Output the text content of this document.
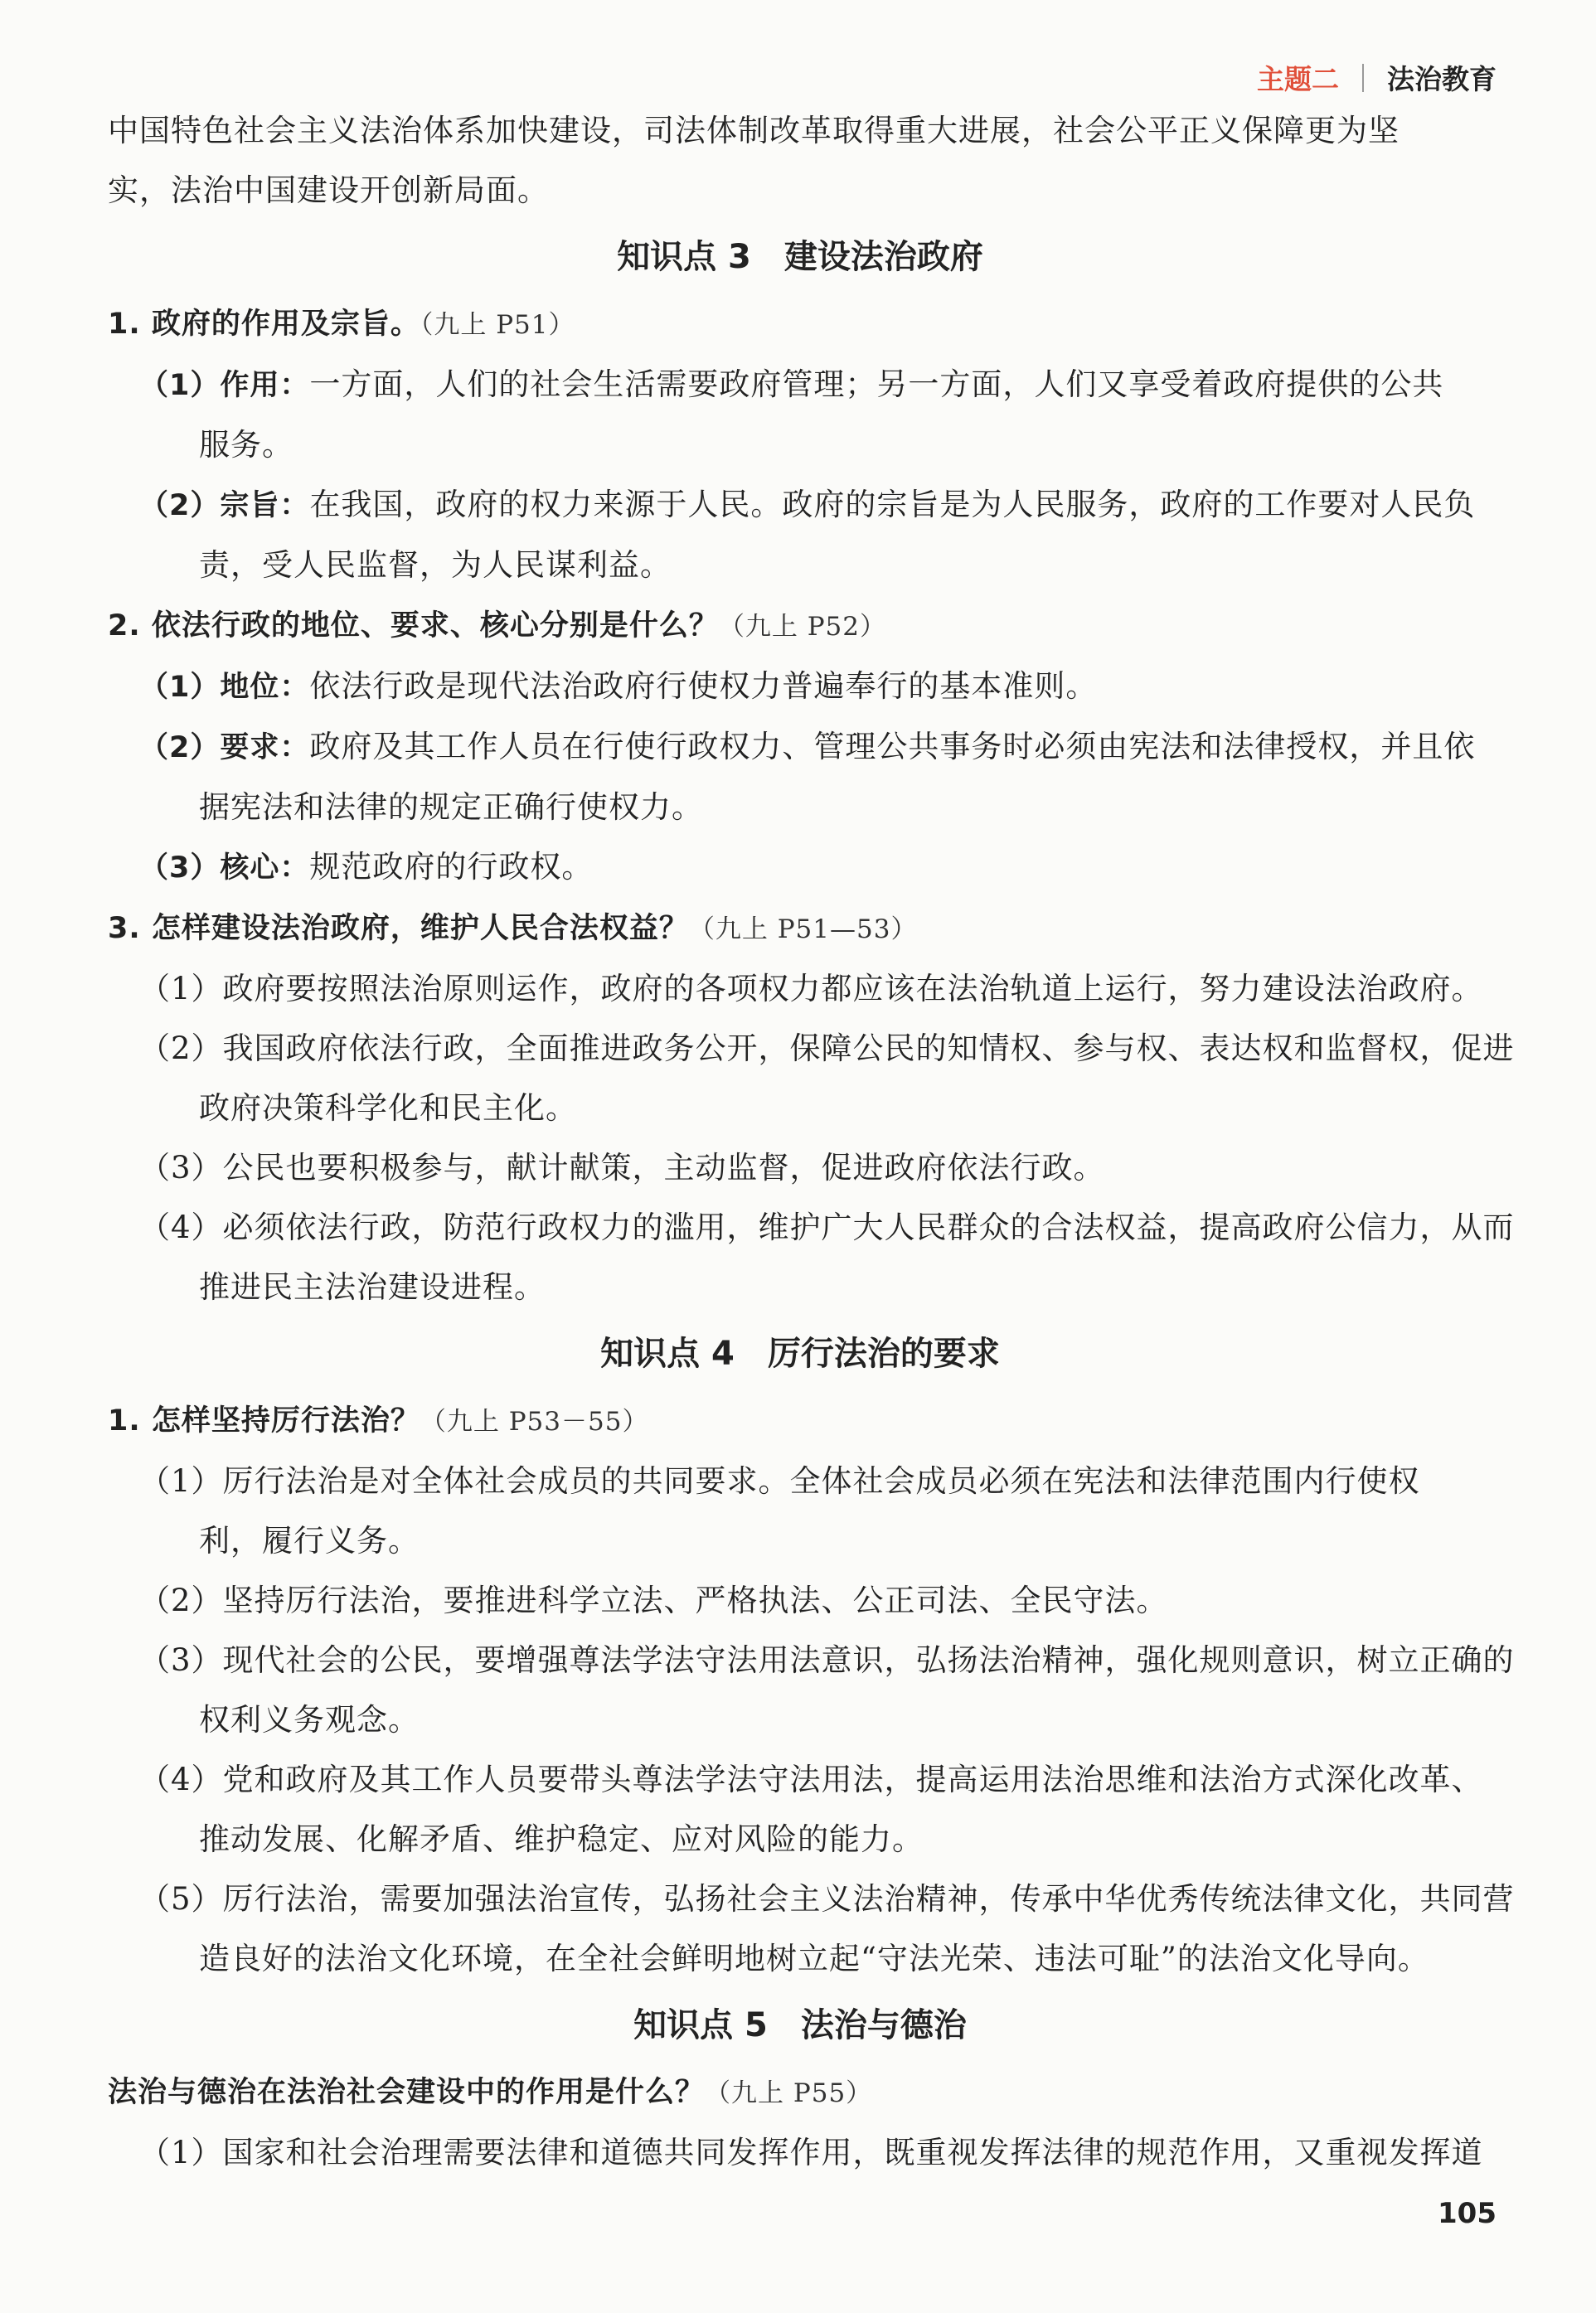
主题二 法治教育
中国特色社会主义法治体系加快建设，司法体制改革取得重大进展，社会公平正义保障更为坚
实，法治中国建设开创新局面。
知识点 3 建设法治政府
1. 政府的作用及宗旨。（九上 P51）
（1）作用：一方面，人们的社会生活需要政府管理；另一方面，人们又享受着政府提供的公共
服务。
（2）宗旨：在我国，政府的权力来源于人民。政府的宗旨是为人民服务，政府的工作要对人民负
责，受人民监督，为人民谋利益。
2. 依法行政的地位、要求、核心分别是什么？（九上 P52）
（1）地位：依法行政是现代法治政府行使权力普遍奉行的基本准则。
（2）要求：政府及其工作人员在行使行政权力、管理公共事务时必须由宪法和法律授权，并且依
据宪法和法律的规定正确行使权力。
（3）核心：规范政府的行政权。
3. 怎样建设法治政府，维护人民合法权益？（九上 P51—53）
（1）政府要按照法治原则运作，政府的各项权力都应该在法治轨道上运行，努力建设法治政府。
（2）我国政府依法行政，全面推进政务公开，保障公民的知情权、参与权、表达权和监督权，促进
政府决策科学化和民主化。
（3）公民也要积极参与，献计献策，主动监督，促进政府依法行政。
（4）必须依法行政，防范行政权力的滥用，维护广大人民群众的合法权益，提高政府公信力，从而
推进民主法治建设进程。
知识点 4 厉行法治的要求
1. 怎样坚持厉行法治？（九上 P53－55）
（1）厉行法治是对全体社会成员的共同要求。全体社会成员必须在宪法和法律范围内行使权
利，履行义务。
（2）坚持厉行法治，要推进科学立法、严格执法、公正司法、全民守法。
（3）现代社会的公民，要增强尊法学法守法用法意识，弘扬法治精神，强化规则意识，树立正确的
权利义务观念。
（4）党和政府及其工作人员要带头尊法学法守法用法，提高运用法治思维和法治方式深化改革、
推动发展、化解矛盾、维护稳定、应对风险的能力。
（5）厉行法治，需要加强法治宣传，弘扬社会主义法治精神，传承中华优秀传统法律文化，共同营
造良好的法治文化环境，在全社会鲜明地树立起“守法光荣、违法可耻”的法治文化导向。
知识点 5 法治与德治
法治与德治在法治社会建设中的作用是什么？（九上 P55）
（1）国家和社会治理需要法律和道德共同发挥作用，既重视发挥法律的规范作用，又重视发挥道
105
